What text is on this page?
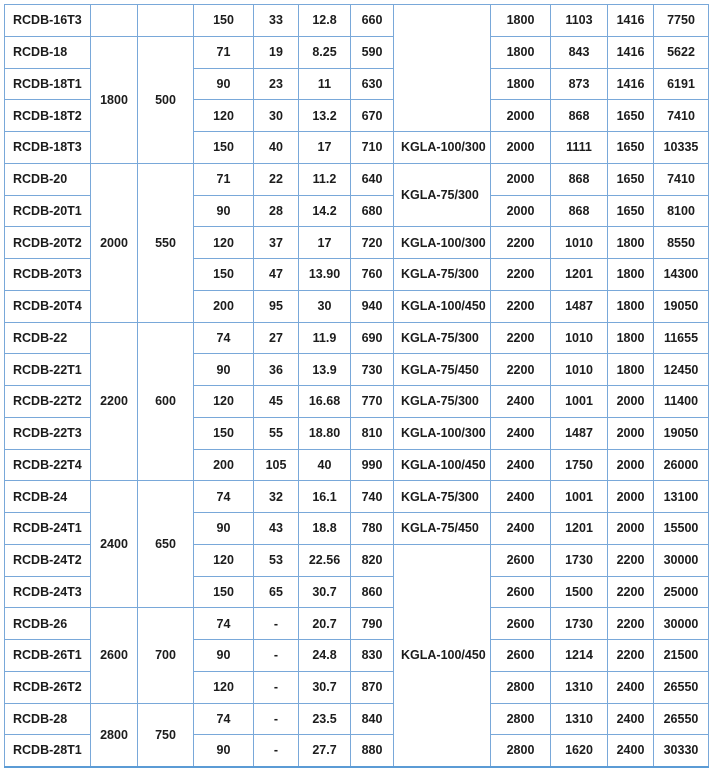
RCDB-16T3			150	33	12.8	660		1800	1103	1416	7750
RCDB-18	1800	500	71	19	8.25	590		1800	843	1416	5622
RCDB-18T1			90	23	11	630		1800	873	1416	6191
RCDB-18T2			120	30	13.2	670		2000	868	1650	7410
RCDB-18T3			150	40	17	710	KGLA-100/300	2000	1111	1650	10335
RCDB-20	2000	550	71	22	11.2	640	KGLA-75/300	2000	868	1650	7410
RCDB-20T1			90	28	14.2	680		2000	868	1650	8100
RCDB-20T2			120	37	17	720	KGLA-100/300	2200	1010	1800	8550
RCDB-20T3			150	47	13.90	760	KGLA-75/300	2200	1201	1800	14300
RCDB-20T4			200	95	30	940	KGLA-100/450	2200	1487	1800	19050
RCDB-22	2200	600	74	27	11.9	690	KGLA-75/300	2200	1010	1800	11655
RCDB-22T1			90	36	13.9	730	KGLA-75/450	2200	1010	1800	12450
RCDB-22T2			120	45	16.68	770	KGLA-75/300	2400	1001	2000	11400
RCDB-22T3			150	55	18.80	810	KGLA-100/300	2400	1487	2000	19050
RCDB-22T4			200	105	40	990	KGLA-100/450	2400	1750	2000	26000
RCDB-24	2400	650	74	32	16.1	740	KGLA-75/300	2400	1001	2000	13100
RCDB-24T1			90	43	18.8	780	KGLA-75/450	2400	1201	2000	15500
RCDB-24T2			120	53	22.56	820	KGLA-100/450	2600	1730	2200	30000
RCDB-24T3			150	65	30.7	860		2600	1500	2200	25000
RCDB-26	2600	700	74	-	20.7	790		2600	1730	2200	30000
RCDB-26T1			90	-	24.8	830		2600	1214	2200	21500
RCDB-26T2			120	-	30.7	870		2800	1310	2400	26550
RCDB-28	2800	750	74	-	23.5	840		2800	1310	2400	26550
RCDB-28T1			90	-	27.7	880		2800	1620	2400	30330
